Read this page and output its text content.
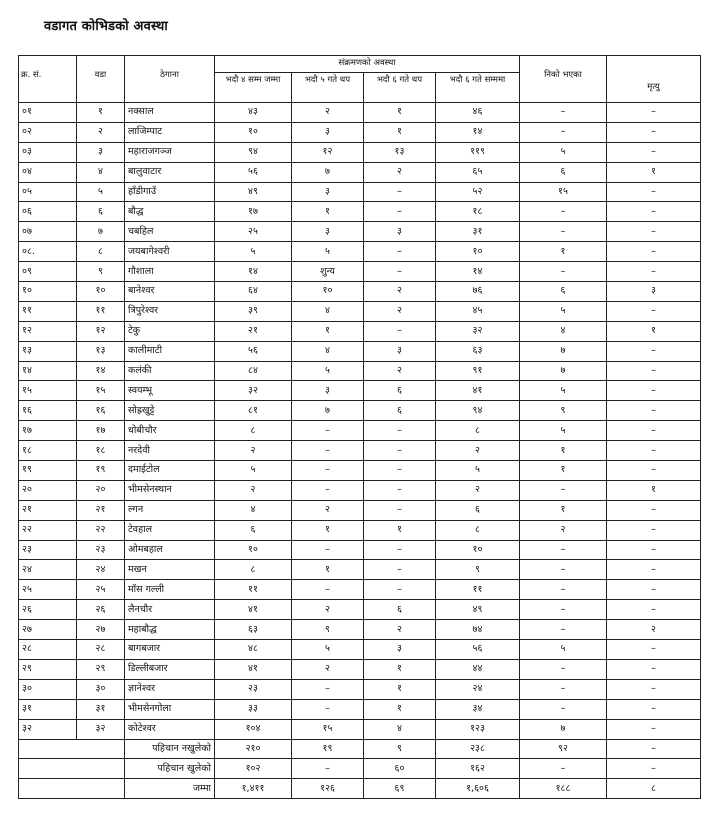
वडागत कोभिडको अवस्था
क्र. सं.	वडा	ठेगाना	संक्रमणको अवस्था				निको भएका	मृत्यु
			भदौ ४ सम्म जम्मा	भदौ ५ गते थप	भदौ ६ गते थप	भदौ ६ गते सम्ममा		
०१	१	नक्साल	४३	२	१	४६	–	–
०२	२	लाजिम्पाट	१०	३	१	१४	–	–
०३	३	महाराजगञ्ज	९४	१२	१३	११९	५	–
०४	४	बालुवाटार	५६	७	२	६५	६	१
०५	५	हाँडीगाउँ	४९	३	–	५२	१५	–
०६	६	बौद्ध	१७	१	–	१८	–	–
०७	७	चबहिल	२५	३	३	३१	–	–
०८.	८	जयबागेश्वरी	५	५	–	१०	१	–
०९	९	गौशाला	१४	शुन्य	–	१४	–	–
१०	१०	बानेश्वर	६४	१०	२	७६	६	३
११	११	त्रिपुरेश्वर	३९	४	२	४५	५	–
१२	१२	टेकु	२१	१	–	३२	४	१
१३	१३	कालीमाटी	५६	४	३	६३	७	–
१४	१४	कलंकी	८४	५	२	९१	७	–
१५	१५	स्वयम्भू	३२	३	६	४१	५	–
१६	१६	सोह्रखुट्टे	८१	७	६	९४	९	–
१७	१७	धोबीचौर	८	–	–	८	५	–
१८	१८	नरदेवी	२	–	–	२	१	–
१९	१९	दमाईटोल	५	–	–	५	१	–
२०	२०	भीमसेनस्थान	२	–	–	२	–	१
२१	२१	ल्गन	४	२	–	६	१	–
२२	२२	टेवहाल	६	१	१	८	२	–
२३	२३	ओमबहाल	१०	–	–	१०	–	–
२४	२४	मखन	८	१	–	९	–	–
२५	२५	मॉस गल्ली	११	–	–	११	–	–
२६	२६	लैनचौर	४१	२	६	४९	–	–
२७	२७	महाबौद्ध	६३	९	२	७४	–	२
२८	२८	बागबजार	४८	५	३	५६	५	–
२९	२९	डिल्लीबजार	४१	२	१	४४	–	–
३०	३०	ज्ञानेश्वर	२३	–	१	२४	–	–
३१	३१	भीमसेनगोला	३३	–	१	३४	–	–
३२	३२	कोटेश्वर	१०४	१५	४	१२३	७	–
		पहिचान नखुलेको	२१०	१९	९	२३८	९२	–
		पहिचान खुलेको	१०२	–	६०	१६२	–	–
		जम्मा	१,४११	१२६	६९	१,६०६	१८८	८
